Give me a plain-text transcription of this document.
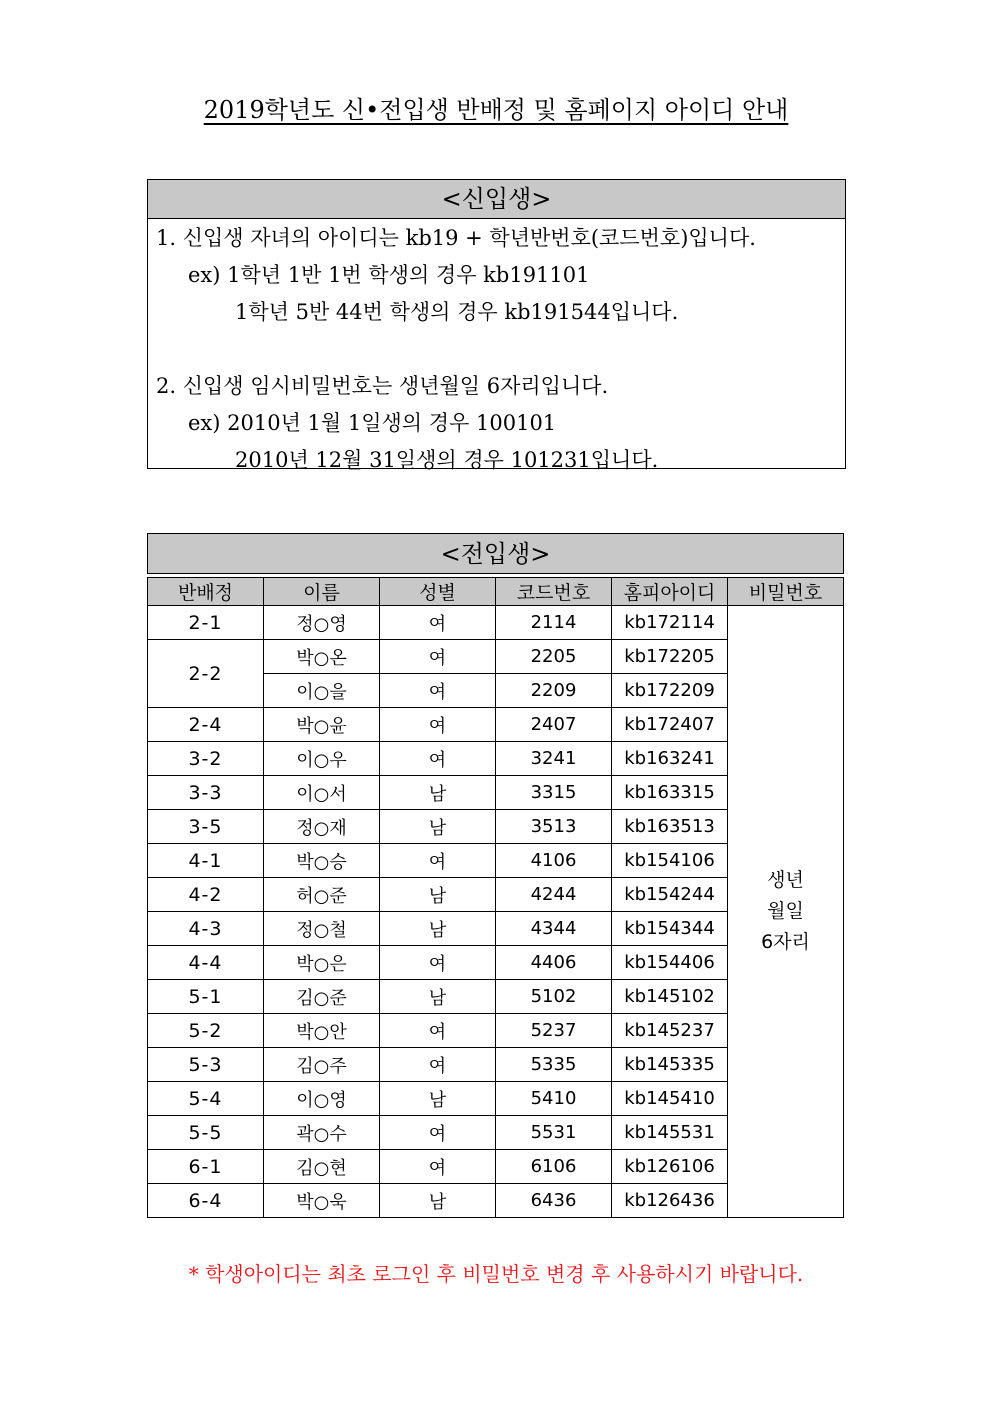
2019학년도 신•전입생 반배정 및 홈페이지 아이디 안내
<신입생>
1. 신입생 자녀의 아이디는 kb19 + 학년반번호(코드번호)입니다.
ex) 1학년 1반 1번 학생의 경우 kb191101
1학년 5반 44번 학생의 경우 kb191544입니다.
2. 신입생 임시비밀번호는 생년월일 6자리입니다.
ex) 2010년 1월 1일생의 경우 100101
2010년 12월 31일생의 경우 101231입니다.
<전입생>
반배정	이름	성별	코드번호	홈피아이디	비밀번호
2-1	정○영	여	2114	kb172114	생년
월일
6자리

2-2	박○온	여	2205	kb172205	
	이○을	여	2209	kb172209	
2-4	박○윤	여	2407	kb172407	
3-2	이○우	여	3241	kb163241	
3-3	이○서	남	3315	kb163315	
3-5	정○재	남	3513	kb163513	
4-1	박○승	여	4106	kb154106	
4-2	허○준	남	4244	kb154244	
4-3	정○철	남	4344	kb154344	
4-4	박○은	여	4406	kb154406	
5-1	김○준	남	5102	kb145102	
5-2	박○안	여	5237	kb145237	
5-3	김○주	여	5335	kb145335	
5-4	이○영	남	5410	kb145410	
5-5	곽○수	여	5531	kb145531	
6-1	김○현	여	6106	kb126106	
6-4	박○욱	남	6436	kb126436	
* 학생아이디는 최초 로그인 후 비밀번호 변경 후 사용하시기 바랍니다.
